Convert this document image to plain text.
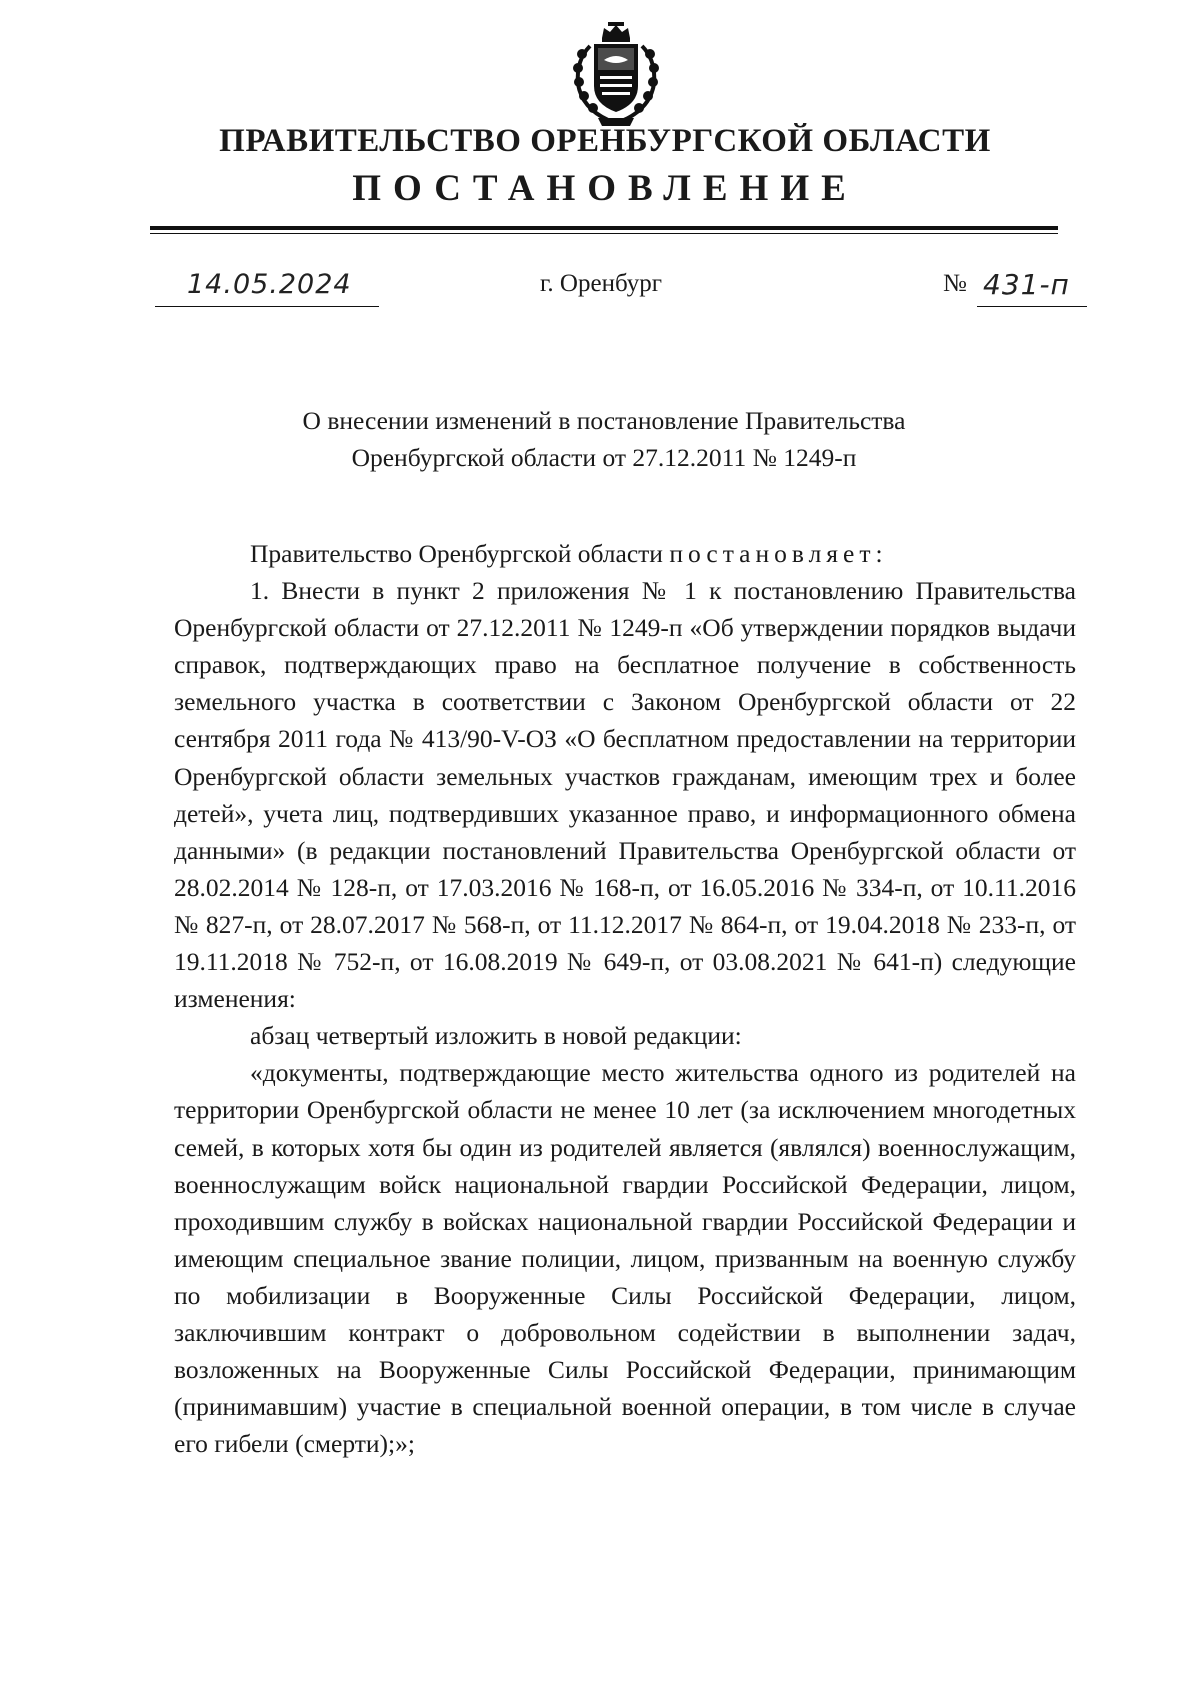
ПРАВИТЕЛЬСТВО ОРЕНБУРГСКОЙ ОБЛАСТИ
ПОСТАНОВЛЕНИЕ
14.05.2024	г. Оренбург	№ 431-п
О внесении изменений в постановление Правительства
Оренбургской области от 27.12.2011 № 1249-п

Правительство Оренбургской области постановляет:

1. Внести в пункт 2 приложения № 1 к постановлению Правительства Оренбургской области от 27.12.2011 № 1249-п «Об утверждении порядков выдачи справок, подтверждающих право на бесплатное получение в собственность земельного участка в соответствии с Законом Оренбургской области от 22 сентября 2011 года № 413/90-V-ОЗ «О бесплатном предоставлении на территории Оренбургской области земельных участков гражданам, имеющим трех и более детей», учета лиц, подтвердивших указанное право, и информационного обмена данными» (в редакции постановлений Правительства Оренбургской области от 28.02.2014 № 128-п, от 17.03.2016 № 168-п, от 16.05.2016 № 334-п, от 10.11.2016 № 827-п, от 28.07.2017 № 568-п, от 11.12.2017 № 864-п, от 19.04.2018 № 233-п, от 19.11.2018 № 752-п, от 16.08.2019 № 649-п, от 03.08.2021 № 641-п) следующие изменения:

абзац четвертый изложить в новой редакции:

«документы, подтверждающие место жительства одного из родителей на территории Оренбургской области не менее 10 лет (за исключением многодетных семей, в которых хотя бы один из родителей является (являлся) военнослужащим, военнослужащим войск национальной гвардии Российской Федерации, лицом, проходившим службу в войсках национальной гвардии Российской Федерации и имеющим специальное звание полиции, лицом, призванным на военную службу по мобилизации в Вооруженные Силы Российской Федерации, лицом, заключившим контракт о добровольном содействии в выполнении задач, возложенных на Вооруженные Силы Российской Федерации, принимающим (принимавшим) участие в специальной военной операции, в том числе в случае его гибели (смерти);»;
